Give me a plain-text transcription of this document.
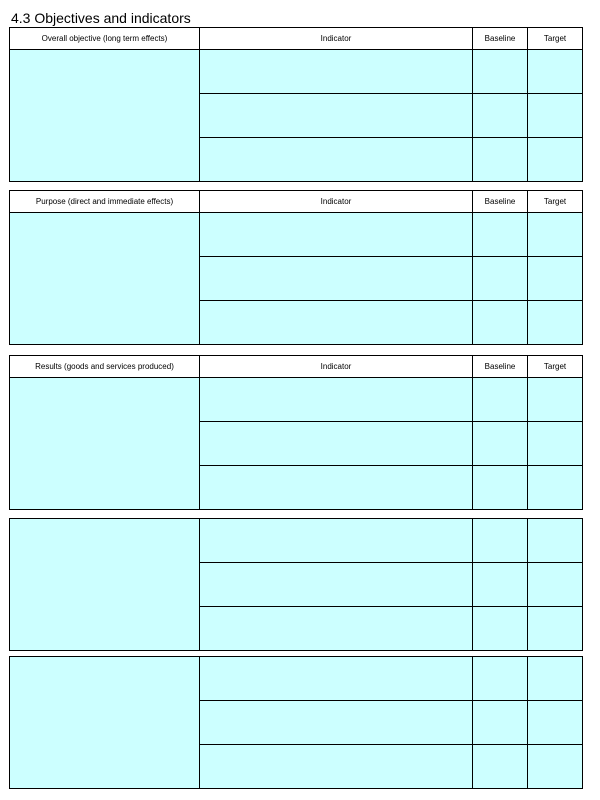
4.3 Objectives and indicators
Overall objective (long term effects)	Indicator	Baseline	Target

Purpose (direct and immediate effects)	Indicator	Baseline	Target

Results (goods and services produced)	Indicator	Baseline	Target
